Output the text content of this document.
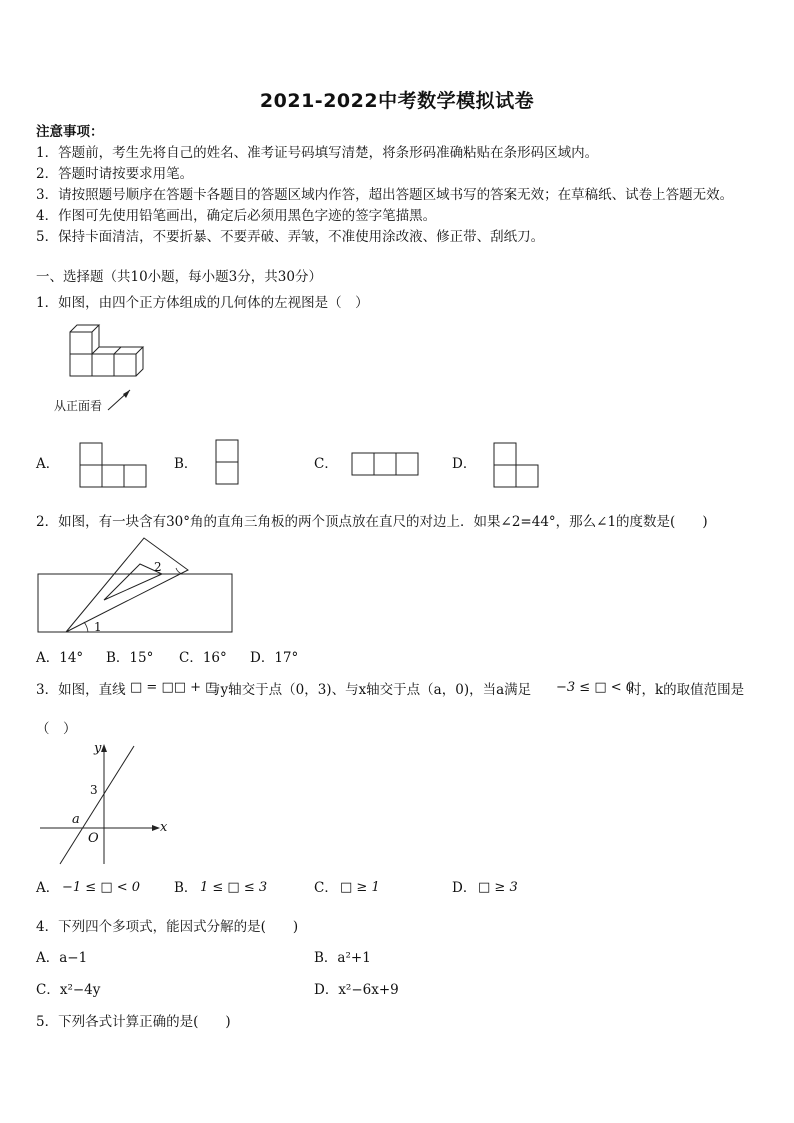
2021-2022中考数学模拟试卷
注意事项：
1．答题前，考生先将自己的姓名、准考证号码填写清楚，将条形码准确粘贴在条形码区域内。
2．答题时请按要求用笔。
3．请按照题号顺序在答题卡各题目的答题区域内作答，超出答题区域书写的答案无效；在草稿纸、试卷上答题无效。
4．作图可先使用铅笔画出，确定后必须用黑色字迹的签字笔描黑。
5．保持卡面清洁，不要折暴、不要弄破、弄皱，不准使用涂改液、修正带、刮纸刀。
一、选择题（共10小题，每小题3分，共30分）
1．如图，由四个正方体组成的几何体的左视图是（　）
从正面看
A．	B．	C．	D．
2．如图，有一块含有30°角的直角三角板的两个顶点放在直尺的对边上．如果∠2=44°，那么∠1的度数是(　　)
2
1
A．14° B．15° C．16° D．17°
3．如图，直线 □ = □□ + □
与y轴交于点（0，3)、与x轴交于点（a，0)，当a满足 −3 ≤ □ < 0
时，k的取值范围是
（　）
y
x
3
a
O
A． −1 ≤ □ < 0	B． 1 ≤ □ ≤ 3	C． □ ≥ 1	D． □ ≥ 3
4．下列四个多项式，能因式分解的是(　　)
A．a−1	B．a²+1
C．x²−4y	D．x²−6x+9
5．下列各式计算正确的是(　　)
